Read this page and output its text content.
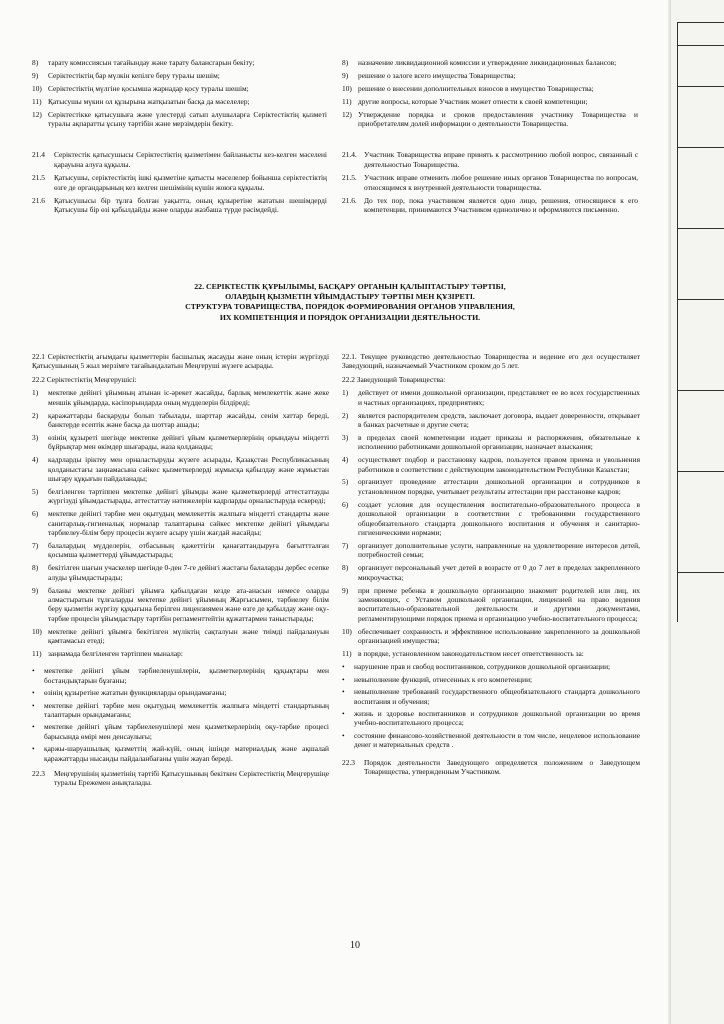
8)	тарату комиссиясын тағайындау және тарату балансгарын бекіту;
9)	Серіктестіктің бар мүлкін кепілге беру туралы шешім;
10) Серіктестіктің мүлгіне қосымша жарнадар қосу туралы шешім;
11) Қатысушы мүкин ол құзырына жатқызатын басқа да мәселелер;
12) Серіктестікке қатысушыға және үлестерді сатып алушыларға Серіктестіктің қызметі туралы ақпаратты ұсыну тәртібін және мерзімдерін бекіту.
21.4	Серіктестік қатысушысы Серіктестіктің қызметімен байланысты кез-келген мәселені қарауына алуға құқылы.
21.5	Қатысушы, серіктестіктің ішкі қызметіне қатысты мәселелер бойынша серіктестіктің өзге де органдарының кез келген шешімінің күшін жоюға құқылы.
21.6	Қатысушысы бір тұлға болған уақытта, оның құзыретіне жататын шешімдерді Қатысушы бір өзі қабылдайды және оларды жазбаша түрде рәсімдейді.
8)	назначение ликвидационной комиссии и утверждение ликвидационных балансов;
9)	решение о залоге всего имущества Товарищества;
10) решение о внесении дополнительных взносов в имущество Товарищества;
11) другие вопросы, которые Участник может отнести к своей компетенции;
12) Утверждение порядка и сроков предоставления участнику Товарищества и приобретателям долей информации о деятельности Товарищества.
21.4. Участник Товарищества вправе принять к рассмотрению любой вопрос, связанный с деятельностью Товарищества.
21.5. Участник вправе отменить любое решение иных органов Товарищества по вопросам, относящимся к внутренней деятельности товарищества.
21.6. До тех пор, пока участником является одно лицо, решения, относящиеся к его компетенции, принимаются Участником единолично и оформляются письменно.
22. СЕРІКТЕСТІК ҚҰРЫЛЫМЫ, БАСҚАРУ ОРГАНЫН ҚАЛЫПТАСТЫРУ ТӘРТІБІ,
ОЛАРДЫҢ ҚЫЗМЕТІН ҰЙЫМДАСТЫРУ ТӘРТІБІ МЕН ҚҰЗІРЕТІ.
СТРУКТУРА ТОВАРИЩЕСТВА, ПОРЯДОК ФОРМИРОВАНИЯ ОРГАНОВ УПРАВЛЕНИЯ,
ИХ КОМПЕТЕНЦИЯ И ПОРЯДОК ОРГАНИЗАЦИИ ДЕЯТЕЛЬНОСТИ.

22.1 Серіктестіктің ағымдағы қызметтерін басшылық жасауды және оның істерін жүргізуді Қатысушының 5 жыл мерзімге тағайындалатын Меңгеруші жүзеге асырады.

22.2 Серіктестіктің Меңгерушісі:

1)	мектепке дейінгі ұйымның атынан іс-әрекет жасайды, барлық мемлекеттік және жеке меншік ұйымдарда, кәсіпорындарда оның мүдделерін білдіреді;
2)	қаражаттарды басқаруды болып табылады, шарттар жасайды, сенім хаттар береді, банктерде есептік және басқа да шоттар ашады;
3)	өзінің құзыреті шегінде мектепке дейінгі ұйым қызметкерлерінің орындауы міндетті бұйрықтар мен өкімдер шығарады, жаза қолданады;
4)	кадрларды іріктеу мен орналастыруды жүзеге асырады, Қазақстан Республикасының қолданыстағы заңнамасына сәйкес қызметкерлерді жұмысқа қабылдау және жұмыстан шығару құқығын пайдаланады;
5)	белгіленген тәртіппен мектепке дейінгі ұйымды және қызметкерлерді аттестаттауды жүргізуді ұйымдастырады, аттестаттау нәтижелерін кадрларды орналастыруда ескереді;
6)	мектепке дейінгі тәрбие мен оқытудың мемлекеттік жалпыға міндетті стандарты және санитарлық-гигиеналық нормалар талаптарына сәйкес мектепке дейінгі ұйымдағы тәрбиелеу-білім беру процесін жүзеге асыру үшін жағдай жасайды;
7)	балалардың мүдделерін, отбасының қажеттігін қанағаттандыруға бағыттталған қосымша қызметтерді ұйымдастырады;
8)	бекітілген шағын учаскелер шегінде 0-ден 7-ге дейінгі жастағы балаларды дербес есепке алуды ұйымдастырады;
9)	баланы мектепке дейінгі ұйымға қабылдаған кезде ата-анасын немесе оларды алмастыратын тұлғаларды мектепке дейінгі ұйымның Жарғысымен, тәрбиелеу білім беру қызметін жүргізу құқығына берілген лицензиямен және өзге де қабылдау және оқу-тәрбие процесін ұйымдастыру тәртібін регламенттейтін құжаттармен таныстырады;
10) мектепке дейінгі ұйымға бекітілген мүліктің сақталуын және тиімді пайдалануын қамтамасыз етеді;
11) заңнамада белгіленген тәртіппен мыналар:
•	мектепке дейінгі ұйым тәрбиеленушілерін, қызметкерлерінің құқықтары мен бостандықтарын бұзғаны;
•	өзінің құзыретіне жататын функцияларды орындамағаны;
•	мектепке дейінгі тәрбие мен оқытудың мемлекеттік жалпыға міндетті стандартының талаптарын орындамағаны;
•	мектепке дейінгі ұйым тәрбиеленушілері мен қызметкерлерінің оқу-тәрбие процесі барысында өмірі мен денсаулығы;
•	қаржы-шаруашылық қызметтің жай-күйі, оның ішінде материалдық және ақшалай қаражаттарды нысанды пайдаланбағаны үшін жауап береді.
22.3	Меңгерушінің қызметінің тәртібі Қатысушының бекіткен Серіктестіктің Меңгерушіңе туралы Ережемен анықталады.

22.1. Текущее руководство деятельностью Товарищества и ведение его дел осуществляет Заведующий, назначаемый Участником сроком до 5 лет.

22.2 Заведующий Товарищества:

1)	действует от имени дошкольной организации, представляет ее во всех государственных и частных организациях, предприятиях;
2)	является распорядителем средств, заключает договора, выдает доверенности, открывает в банках расчетные и другие счета;
3)	в пределах своей компетенции издает приказы и распоряжения, обязательные к исполнению работниками дошкольной организации, назначает взыскания;
4)	осуществляет подбор и расстановку кадров, пользуется правом приема и увольнения работников в соответствии с действующим законодательством Республики Казахстан;
5)	организует проведение аттестации дошкольной организации и сотрудников в установленном порядке, учитывает результаты аттестации при расстановке кадров;
6)	создает условия для осуществления воспитательно-образовательного процесса в дошкольной организации в соответствии с требованиями государственного общеобязательного стандарта дошкольного воспитания и обучения и санитарно-гигиеническими нормами;
7)	организует дополнительные услуги, направленные на удовлетворение интересов детей, потребностей семьи;
8)	организует персональный учет детей в возрасте от 0 до 7 лет в пределах закрепленного микроучастка;
9)	при приеме ребенка в дошкольную организацию знакомит родителей или лиц, их заменяющих, с Уставом дошкольной организации, лицензией на право ведения воспитательно-образовательной деятельности и другими документами, регламентирующими порядок приема и организацию учебно-воспитательного процесса;
10) обеспечивает сохранность и эффективное использование закрепленного за дошкольной организацией имущества;
11) в порядке, установленном законодательством несет ответственность за:
•	нарушение прав и свобод воспитанников, сотрудников дошкольной организации;
•	невыполнение функций, отнесенных к его компетенции;
•	невыполнение требований государственного общеобязательного стандарта дошкольного воспитания и обучения;
•	жизнь и здоровье воспитанников и сотрудников дошкольной организации во время учебно-воспитательного процесса;
•	состояние финансово-хозяйственной деятельности в том числе, нецелевое использование денег и материальных средств .
22.3	Порядок деятельности Заведующего определяется положением о Заведующем Товарищества, утвержденным Участником.
10
